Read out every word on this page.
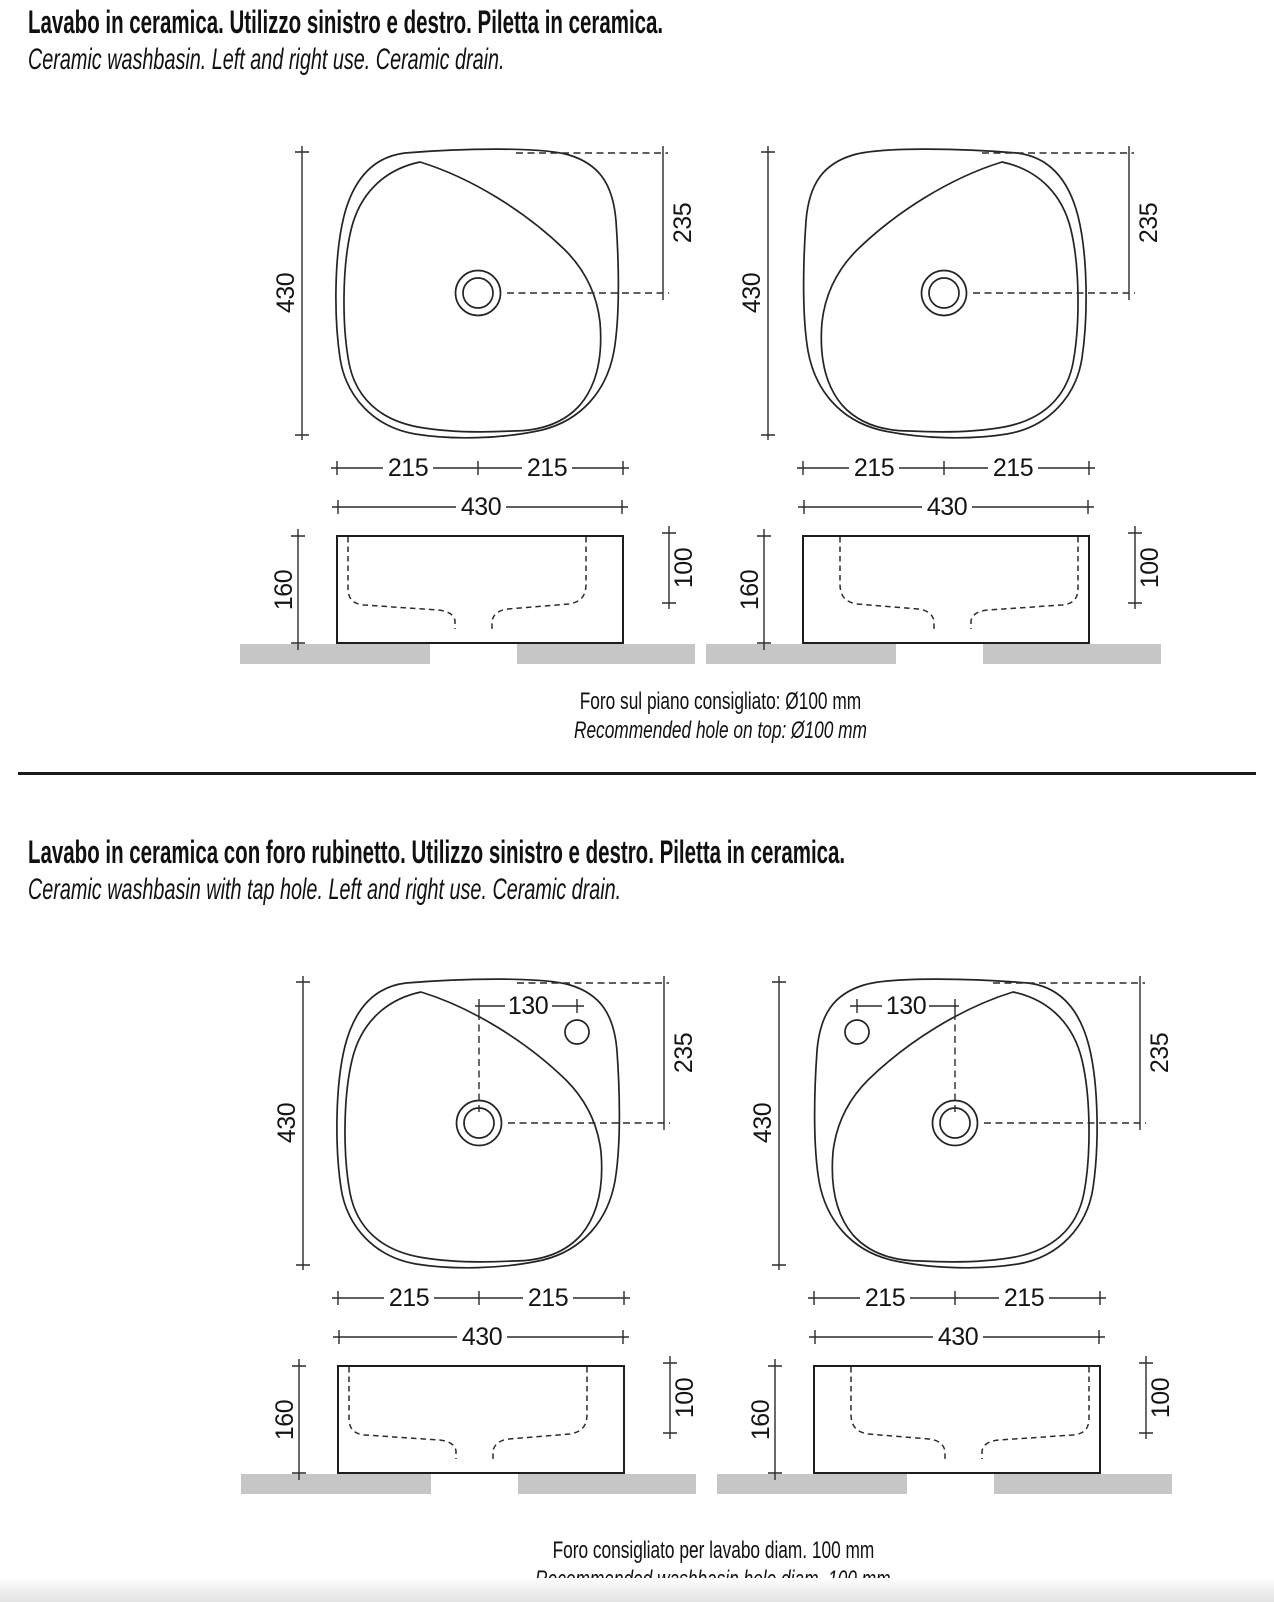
Lavabo in ceramica. Utilizzo sinistro e destro. Piletta in ceramica.
Ceramic washbasin. Left and right use. Ceramic drain.
430
235
215	215
430
160
100
430
235
215	215
430
160
100
Foro sul piano consigliato: Ø100 mm
Recommended hole on top: Ø100 mm
Lavabo in ceramica con foro rubinetto. Utilizzo sinistro e destro. Piletta in ceramica.
Ceramic washbasin with tap hole. Left and right use. Ceramic drain.
430
235
130
215	215
430
160
100
430
235
130
215	215
430
160
100
Foro consigliato per lavabo diam. 100 mm
